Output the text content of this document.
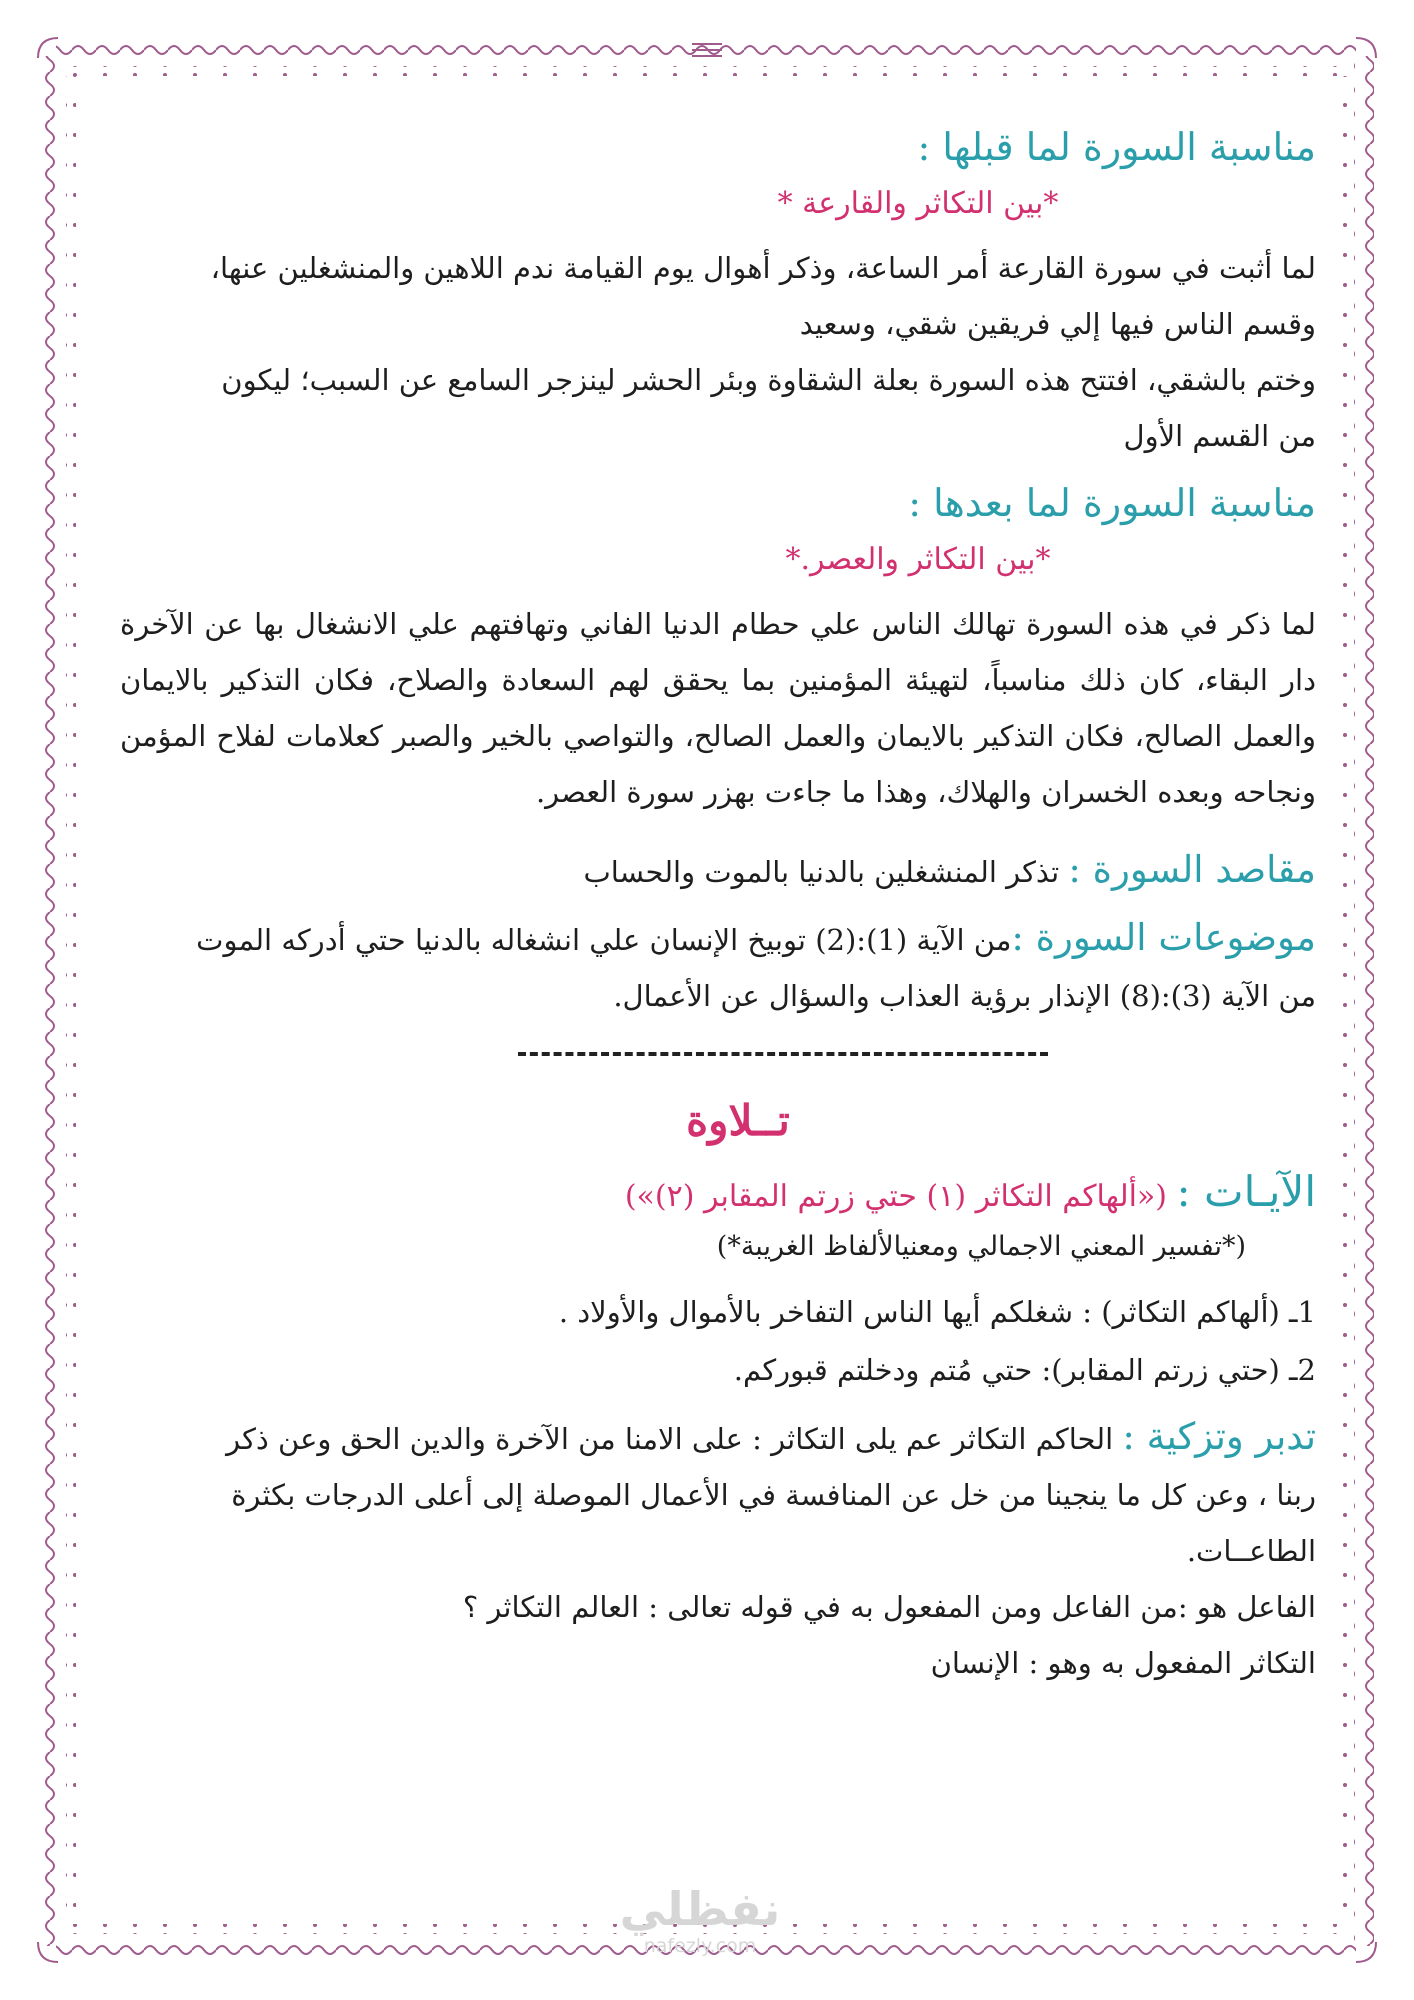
مناسبة السورة لما قبلها :
*بين التكاثر والقارعة *

لما أثبت في سورة القارعة أمر الساعة، وذكر أهوال يوم القيامة ندم اللاهين والمنشغلين عنها،

وقسم الناس فيها إلي فريقين شقي، وسعيد

وختم بالشقي، افتتح هذه السورة بعلة الشقاوة وبئر الحشر لينزجر السامع عن السبب؛ ليكون

من القسم الأول

مناسبة السورة لما بعدها :
*بين التكاثر والعصر.*

لما ذكر في هذه السورة تهالك الناس علي حطام الدنيا الفاني وتهافتهم علي الانشغال بها عن الآخرة دار البقاء، كان ذلك مناسباً، لتهيئة المؤمنين بما يحقق لهم السعادة والصلاح، فكان التذكير بالايمان والعمل الصالح، فكان التذكير بالايمان والعمل الصالح، والتواصي بالخير والصبر كعلامات لفلاح المؤمن ونجاحه وبعده الخسران والهلاك، وهذا ما جاءت بهزر سورة العصر.

مقاصد السورة : تذكر المنشغلين بالدنيا بالموت والحساب

موضوعات السورة :من الآية (1):(2) توبيخ الإنسان علي انشغاله بالدنيا حتي أدركه الموت

من الآية (3):(8) الإنذار برؤية العذاب والسؤال عن الأعمال.

تــلاوة

الآيـات : («ألهاكم التكاثر (١) حتي زرتم المقابر (٢)»)

(*تفسير المعني الاجمالي ومعنيالألفاظ الغريبة*)

1ـ (ألهاكم التكاثر) : شغلكم أيها الناس التفاخر بالأموال والأولاد .

2ـ (حتي زرتم المقابر): حتي مُتم ودخلتم قبوركم.

تدبر وتزكية : الحاكم التكاثر عم يلى التكاثر : على الامنا من الآخرة والدين الحق وعن ذكر

ربنا ، وعن كل ما ينجينا من خل عن المنافسة في الأعمال الموصلة إلى أعلى الدرجات بكثرة

الطاعــات.

الفاعل هو :من الفاعل ومن المفعول به في قوله تعالى : العالم التكاثر ؟

التكاثر المفعول به وهو : الإنسان

نفظلي
nafezly.com
